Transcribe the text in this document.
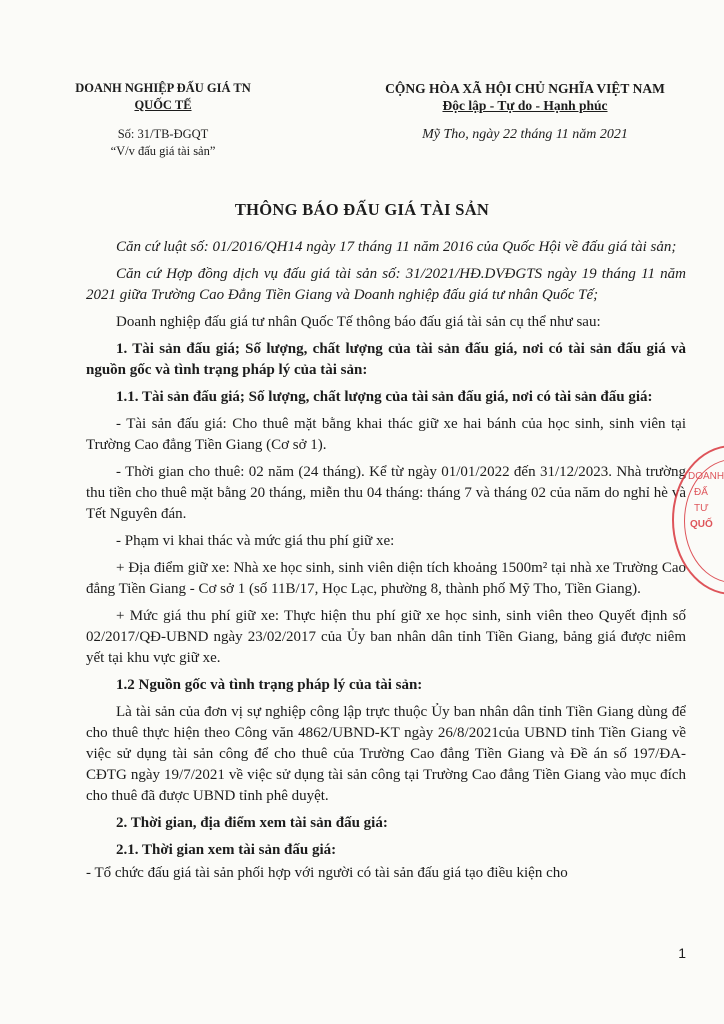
DOANH NGHIỆP ĐẤU GIÁ TN
QUỐC TẾ
Số: 31/TB-ĐGQT
“V/v đấu giá tài sản”
CỘNG HÒA XÃ HỘI CHỦ NGHĨA VIỆT NAM
Độc lập - Tự do - Hạnh phúc
Mỹ Tho, ngày 22 tháng 11 năm 2021
THÔNG BÁO ĐẤU GIÁ TÀI SẢN

Căn cứ luật số: 01/2016/QH14 ngày 17 tháng 11 năm 2016 của Quốc Hội về đấu giá tài sản;

Căn cứ Hợp đồng dịch vụ đấu giá tài sản số: 31/2021/HĐ.DVĐGTS ngày 19 tháng 11 năm 2021 giữa Trường Cao Đẳng Tiền Giang và Doanh nghiệp đấu giá tư nhân Quốc Tế;

Doanh nghiệp đấu giá tư nhân Quốc Tế thông báo đấu giá tài sản cụ thể như sau:

1. Tài sản đấu giá; Số lượng, chất lượng của tài sản đấu giá, nơi có tài sản đấu giá và nguồn gốc và tình trạng pháp lý của tài sản:

1.1. Tài sản đấu giá; Số lượng, chất lượng của tài sản đấu giá, nơi có tài sản đấu giá:

- Tài sản đấu giá: Cho thuê mặt bằng khai thác giữ xe hai bánh của học sinh, sinh viên tại Trường Cao đẳng Tiền Giang (Cơ sở 1).

- Thời gian cho thuê: 02 năm (24 tháng). Kể từ ngày 01/01/2022 đến 31/12/2023. Nhà trường thu tiền cho thuê mặt bằng 20 tháng, miễn thu 04 tháng: tháng 7 và tháng 02 của năm do nghỉ hè và Tết Nguyên đán.

- Phạm vi khai thác và mức giá thu phí giữ xe:

+ Địa điểm giữ xe: Nhà xe học sinh, sinh viên diện tích khoảng 1500m² tại nhà xe Trường Cao đẳng Tiền Giang - Cơ sở 1 (số 11B/17, Học Lạc, phường 8, thành phố Mỹ Tho, Tiền Giang).

+ Mức giá thu phí giữ xe: Thực hiện thu phí giữ xe học sinh, sinh viên theo Quyết định số 02/2017/QĐ-UBND ngày 23/02/2017 của Ủy ban nhân dân tỉnh Tiền Giang, bảng giá được niêm yết tại khu vực giữ xe.

1.2 Nguồn gốc và tình trạng pháp lý của tài sản:

Là tài sản của đơn vị sự nghiệp công lập trực thuộc Ủy ban nhân dân tỉnh Tiền Giang dùng để cho thuê thực hiện theo Công văn 4862/UBND-KT ngày 26/8/2021của UBND tỉnh Tiền Giang về việc sử dụng tài sản công để cho thuê của Trường Cao đẳng Tiền Giang và Đề án số 197/ĐA- CĐTG ngày 19/7/2021 về việc sử dụng tài sản công tại Trường Cao đẳng Tiền Giang vào mục đích cho thuê đã được UBND tỉnh phê duyệt.

2. Thời gian, địa điểm xem tài sản đấu giá:

2.1. Thời gian xem tài sản đấu giá:

- Tổ chức đấu giá tài sản phối hợp với người có tài sản đấu giá tạo điều kiện cho

DOANH
ĐẤ
TƯ
QUỐ
1
